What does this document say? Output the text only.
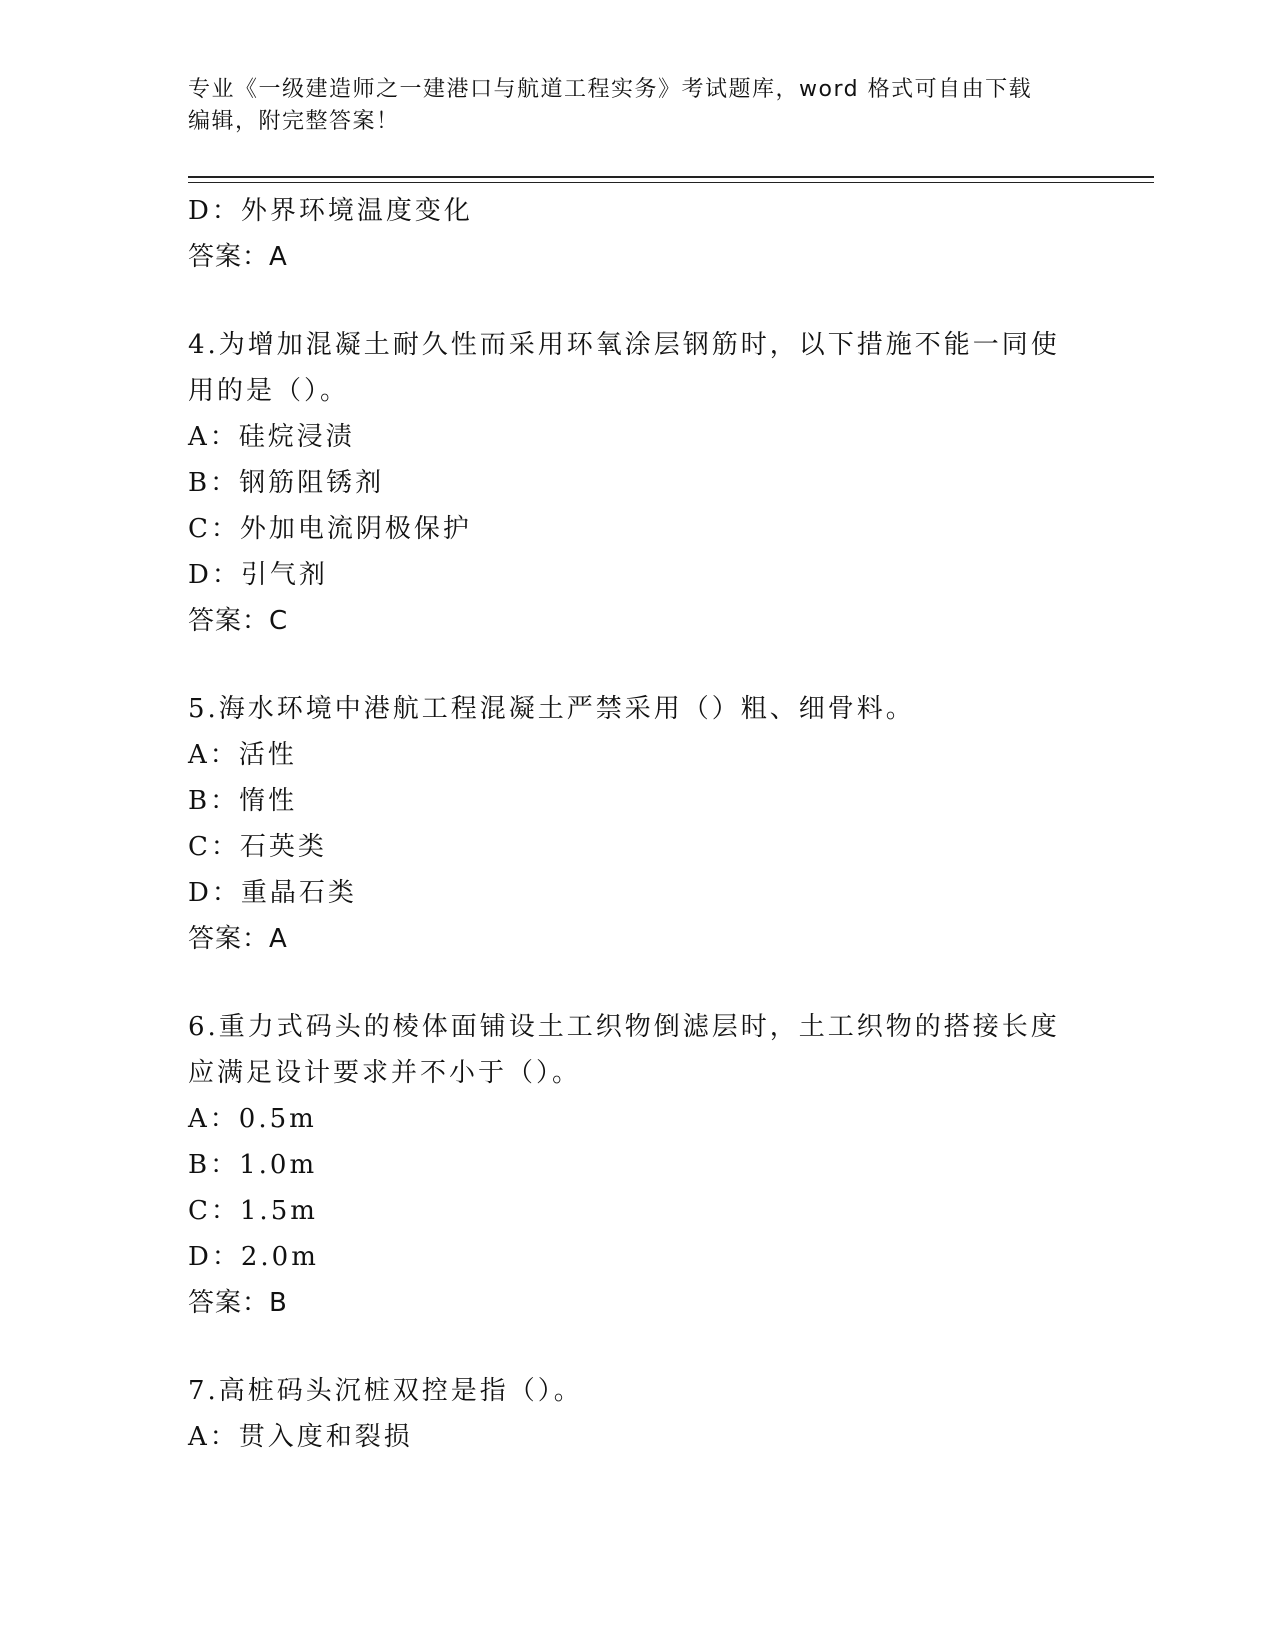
专业《一级建造师之一建港口与航道工程实务》考试题库，word 格式可自由下载
编辑，附完整答案！
D：外界环境温度变化
答案：A
4.为增加混凝土耐久性而采用环氧涂层钢筋时，以下措施不能一同使
用的是（）。
A：硅烷浸渍
B：钢筋阻锈剂
C：外加电流阴极保护
D：引气剂
答案：C
5.海水环境中港航工程混凝土严禁采用（）粗、细骨料。
A：活性
B：惰性
C：石英类
D：重晶石类
答案：A
6.重力式码头的棱体面铺设土工织物倒滤层时，土工织物的搭接长度
应满足设计要求并不小于（）。
A：0.5m
B：1.0m
C：1.5m
D：2.0m
答案：B
7.高桩码头沉桩双控是指（）。
A：贯入度和裂损
